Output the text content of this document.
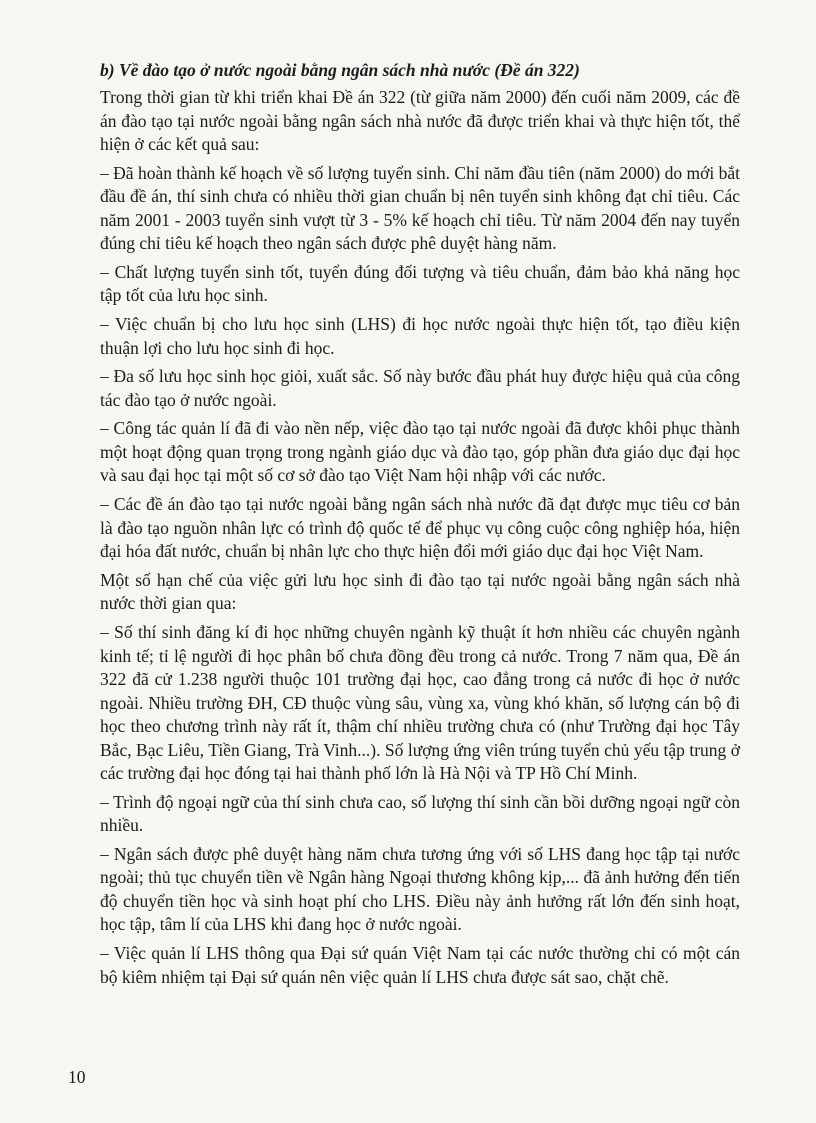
b) Về đào tạo ở nước ngoài bằng ngân sách nhà nước (Đề án 322)

Trong thời gian từ khi triển khai Đề án 322 (từ giữa năm 2000) đến cuối năm 2009, các đề án đào tạo tại nước ngoài bằng ngân sách nhà nước đã được triển khai và thực hiện tốt, thể hiện ở các kết quả sau:

– Đã hoàn thành kế hoạch về số lượng tuyển sinh. Chỉ năm đầu tiên (năm 2000) do mới bắt đầu đề án, thí sinh chưa có nhiều thời gian chuẩn bị nên tuyển sinh không đạt chỉ tiêu. Các năm 2001 - 2003 tuyển sinh vượt từ 3 - 5% kế hoạch chỉ tiêu. Từ năm 2004 đến nay tuyển đúng chỉ tiêu kế hoạch theo ngân sách được phê duyệt hàng năm.

– Chất lượng tuyển sinh tốt, tuyển đúng đối tượng và tiêu chuẩn, đảm bảo khả năng học tập tốt của lưu học sinh.

– Việc chuẩn bị cho lưu học sinh (LHS) đi học nước ngoài thực hiện tốt, tạo điều kiện thuận lợi cho lưu học sinh đi học.

– Đa số lưu học sinh học giỏi, xuất sắc. Số này bước đầu phát huy được hiệu quả của công tác đào tạo ở nước ngoài.

– Công tác quản lí đã đi vào nền nếp, việc đào tạo tại nước ngoài đã được khôi phục thành một hoạt động quan trọng trong ngành giáo dục và đào tạo, góp phần đưa giáo dục đại học và sau đại học tại một số cơ sở đào tạo Việt Nam hội nhập với các nước.

– Các đề án đào tạo tại nước ngoài bằng ngân sách nhà nước đã đạt được mục tiêu cơ bản là đào tạo nguồn nhân lực có trình độ quốc tế để phục vụ công cuộc công nghiệp hóa, hiện đại hóa đất nước, chuẩn bị nhân lực cho thực hiện đổi mới giáo dục đại học Việt Nam.

Một số hạn chế của việc gửi lưu học sinh đi đào tạo tại nước ngoài bằng ngân sách nhà nước thời gian qua:

– Số thí sinh đăng kí đi học những chuyên ngành kỹ thuật ít hơn nhiều các chuyên ngành kinh tế; tỉ lệ người đi học phân bố chưa đồng đều trong cả nước. Trong 7 năm qua, Đề án 322 đã cử 1.238 người thuộc 101 trường đại học, cao đẳng trong cả nước đi học ở nước ngoài. Nhiều trường ĐH, CĐ thuộc vùng sâu, vùng xa, vùng khó khăn, số lượng cán bộ đi học theo chương trình này rất ít, thậm chí nhiều trường chưa có (như Trường đại học Tây Bắc, Bạc Liêu, Tiền Giang, Trà Vinh...). Số lượng ứng viên trúng tuyển chủ yếu tập trung ở các trường đại học đóng tại hai thành phố lớn là Hà Nội và TP Hồ Chí Minh.

– Trình độ ngoại ngữ của thí sinh chưa cao, số lượng thí sinh cần bồi dưỡng ngoại ngữ còn nhiều.

– Ngân sách được phê duyệt hàng năm chưa tương ứng với số LHS đang học tập tại nước ngoài; thủ tục chuyển tiền về Ngân hàng Ngoại thương không kịp,... đã ảnh hưởng đến tiến độ chuyển tiền học và sinh hoạt phí cho LHS. Điều này ảnh hưởng rất lớn đến sinh hoạt, học tập, tâm lí của LHS khi đang học ở nước ngoài.

– Việc quản lí LHS thông qua Đại sứ quán Việt Nam tại các nước thường chỉ có một cán bộ kiêm nhiệm tại Đại sứ quán nên việc quản lí LHS chưa được sát sao, chặt chẽ.

10
